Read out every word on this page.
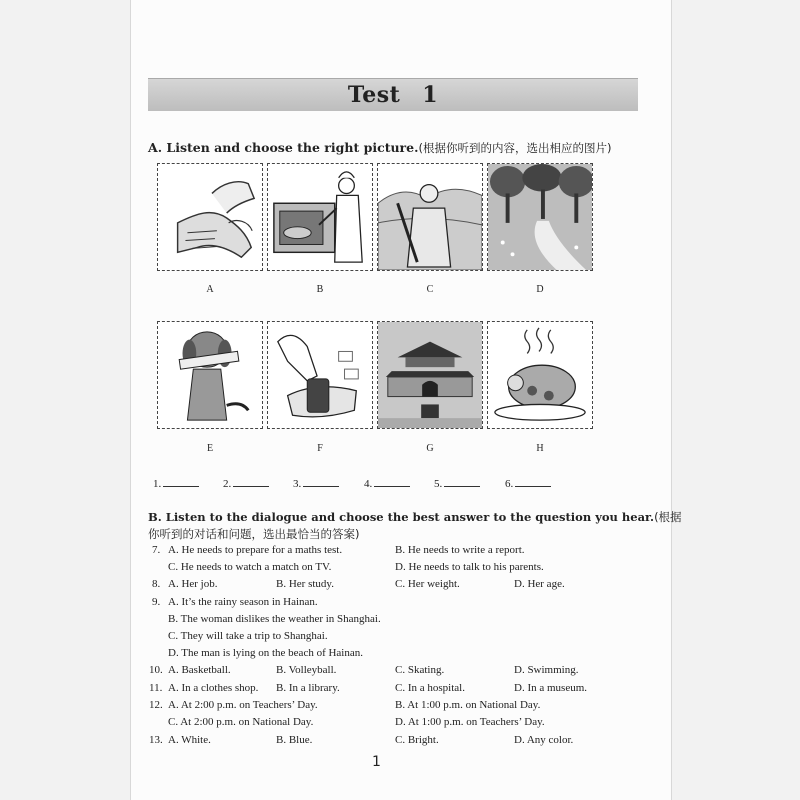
Test 1
A. Listen and choose the right picture.(根据你听到的内容，选出相应的图片)
A	B	C	D
E	F	G	H
1.	2.	3.	4.	5.	6.
B. Listen to the dialogue and choose the best answer to the question you hear.(根据
你听到的对话和问题，选出最恰当的答案)
7. A. He needs to prepare for a maths test.	B. He needs to write a report.
C. He needs to watch a match on TV.	D. He needs to talk to his parents.
8. A. Her job.	B. Her study.	C. Her weight.	D. Her age.
9. A. It’s the rainy season in Hainan.
B. The woman dislikes the weather in Shanghai.
C. They will take a trip to Shanghai.
D. The man is lying on the beach of Hainan.
10. A. Basketball.	B. Volleyball.	C. Skating.	D. Swimming.
11. A. In a clothes shop. B. In a library.	C. In a hospital.	D. In a museum.
12. A. At 2:00 p.m. on Teachers’ Day.	B. At 1:00 p.m. on National Day.
C. At 2:00 p.m. on National Day.	D. At 1:00 p.m. on Teachers’ Day.
13. A. White.	B. Blue.	C. Bright.	D. Any color.
1
